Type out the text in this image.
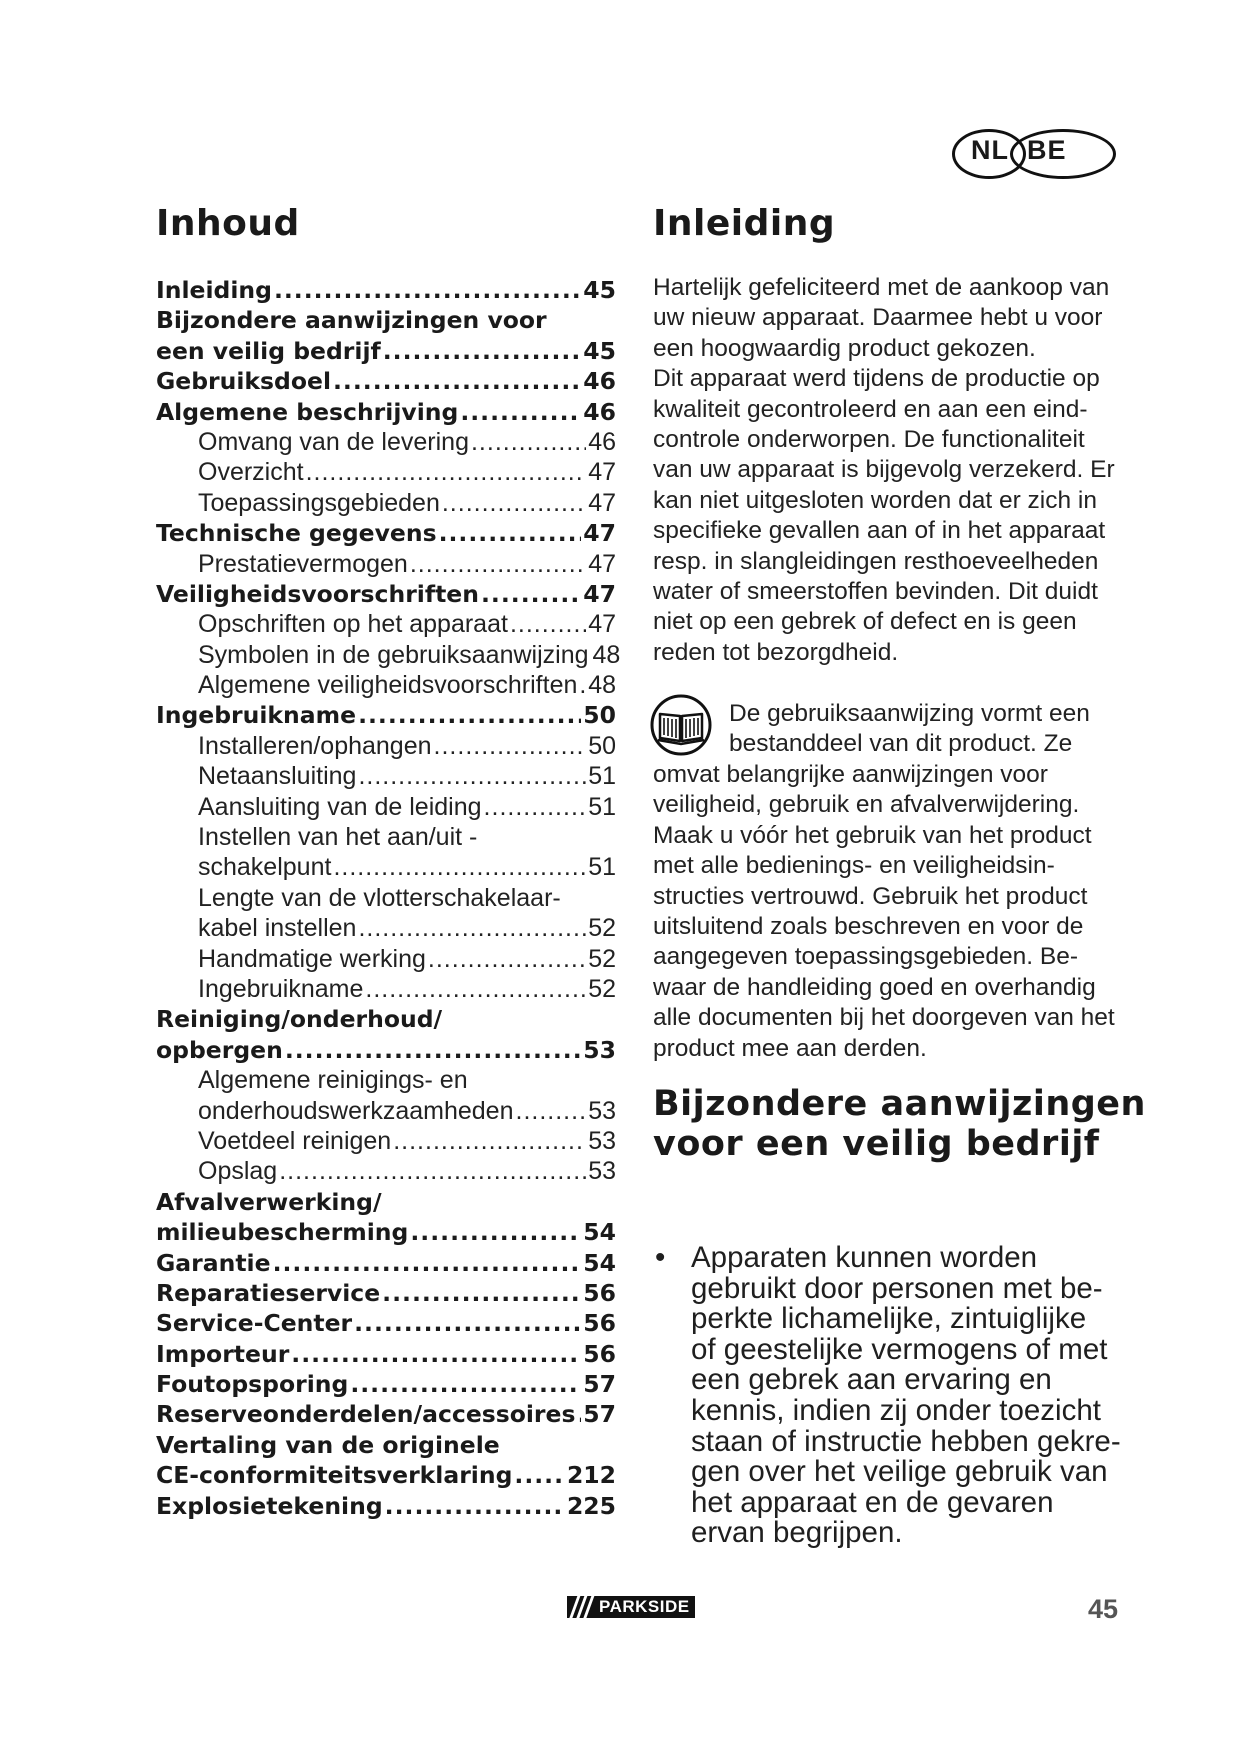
NL BE
Inhoud	Inleiding
Inleiding .....	45
Bijzondere aanwijzingen voor
een veilig bedrijf .....	45
Gebruiksdoel .....	46
Algemene beschrijving .....	46
Omvang van de levering .....	46
Overzicht .....	47
Toepassingsgebieden .....	47
Technische gegevens .....	47
Prestatievermogen .....	47
Veiligheidsvoorschriften .....	47
Opschriften op het apparaat .....	47
Symbolen in de gebruiksaanwijzing 48
Algemene veiligheidsvoorschriften ..... 48
Ingebruikname .....	50
Installeren/ophangen .....	50
Netaansluiting .....	51
Aansluiting van de leiding .....	51
Instellen van het aan/uit -
schakelpunt .....	51
Lengte van de vlotterschakelaar-
kabel instellen .....	52
Handmatige werking .....	52
Ingebruikname .....	52
Reiniging/onderhoud/
opbergen .....	53
Algemene reinigings- en
onderhoudswerkzaamheden .....	53
Voetdeel reinigen .....	53
Opslag .....	53
Afvalverwerking/
milieubescherming .....	54
Garantie .....	54
Reparatieservice .....	56
Service-Center .....	56
Importeur .....	56
Foutopsporing .....	57
Reserveonderdelen/accessoires ..... 57
Vertaling van de originele
CE-conformiteitsverklaring ..... 212
Explosietekening .....	225
Hartelijk gefeliciteerd met de aankoop van
uw nieuw apparaat. Daarmee hebt u voor
een hoogwaardig product gekozen.
Dit apparaat werd tijdens de productie op
kwaliteit gecontroleerd en aan een eind-
controle onderworpen. De functionaliteit
van uw apparaat is bijgevolg verzekerd. Er
kan niet uitgesloten worden dat er zich in
specifieke gevallen aan of in het apparaat
resp. in slangleidingen resthoeveelheden
water of smeerstoffen bevinden. Dit duidt
niet op een gebrek of defect en is geen
reden tot bezorgdheid.
De gebruiksaanwijzing vormt een
bestanddeel van dit product. Ze
omvat belangrijke aanwijzingen voor
veiligheid, gebruik en afvalverwijdering.
Maak u vóór het gebruik van het product
met alle bedienings- en veiligheidsin-
structies vertrouwd. Gebruik het product
uitsluitend zoals beschreven en voor de
aangegeven toepassingsgebieden. Be-
waar de handleiding goed en overhandig
alle documenten bij het doorgeven van het
product mee aan derden.
Bijzondere aanwijzingen voor een veilig bedrijf
• Apparaten kunnen worden
gebruikt door personen met be-
perkte lichamelijke, zintuiglijke
of geestelijke vermogens of met
een gebrek aan ervaring en
kennis, indien zij onder toezicht
staan of instructie hebben gekre-
gen over het veilige gebruik van
het apparaat en de gevaren
ervan begrijpen.
PARKSIDE	45
